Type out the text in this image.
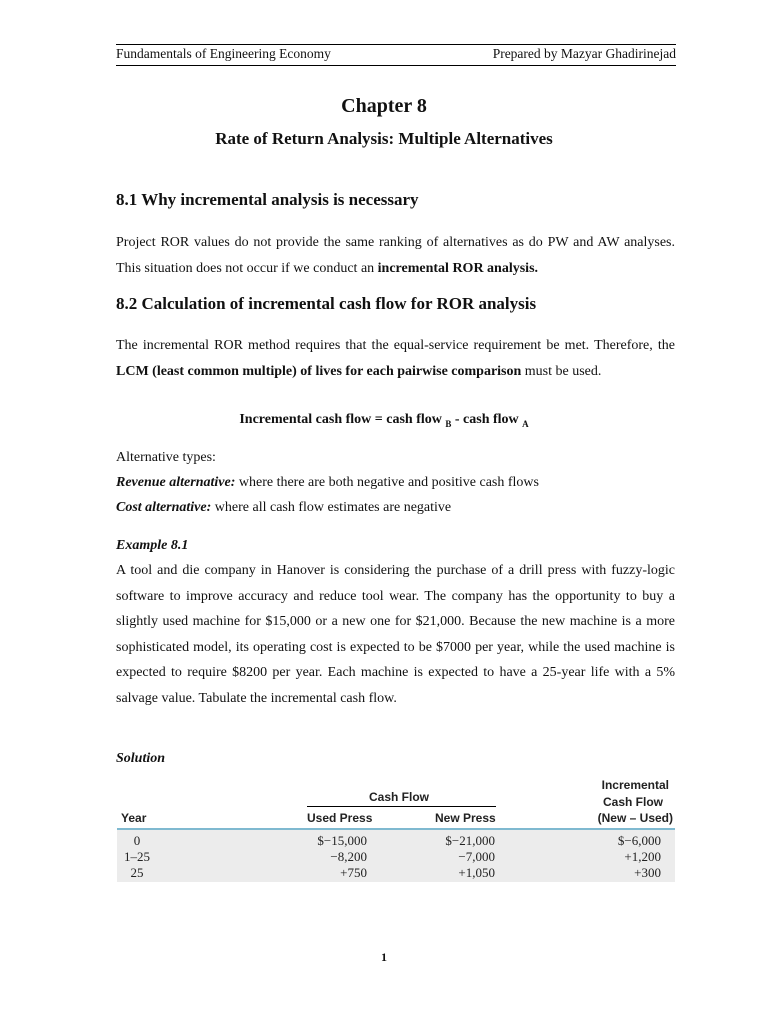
Fundamentals of Engineering Economy	Prepared by Mazyar Ghadirinejad
Chapter 8
Rate of Return Analysis: Multiple Alternatives
8.1 Why incremental analysis is necessary
Project ROR values do not provide the same ranking of alternatives as do PW and AW analyses. This situation does not occur if we conduct an incremental ROR analysis.
8.2 Calculation of incremental cash flow for ROR analysis
The incremental ROR method requires that the equal-service requirement be met. Therefore, the LCM (least common multiple) of lives for each pairwise comparison must be used.
Incremental cash flow = cash flow $_B$ - cash flow $_A$
Alternative types:
Revenue alternative: where there are both negative and positive cash flows
Cost alternative: where all cash flow estimates are negative
Example 8.1
A tool and die company in Hanover is considering the purchase of a drill press with fuzzy-logic software to improve accuracy and reduce tool wear. The company has the opportunity to buy a slightly used machine for $15,000 or a new one for $21,000. Because the new machine is a more sophisticated model, its operating cost is expected to be $7000 per year, while the used machine is expected to require $8200 per year. Each machine is expected to have a 25-year life with a 5% salvage value. Tabulate the incremental cash flow.
Solution
Cash Flow
Incremental
Cash Flow
(New – Used)
Year	Used Press	New Press
0	$−15,000	$−21,000	$−6,000
1–25	−8,200	−7,000	+1,200
25	+750	+1,050	+300
1
